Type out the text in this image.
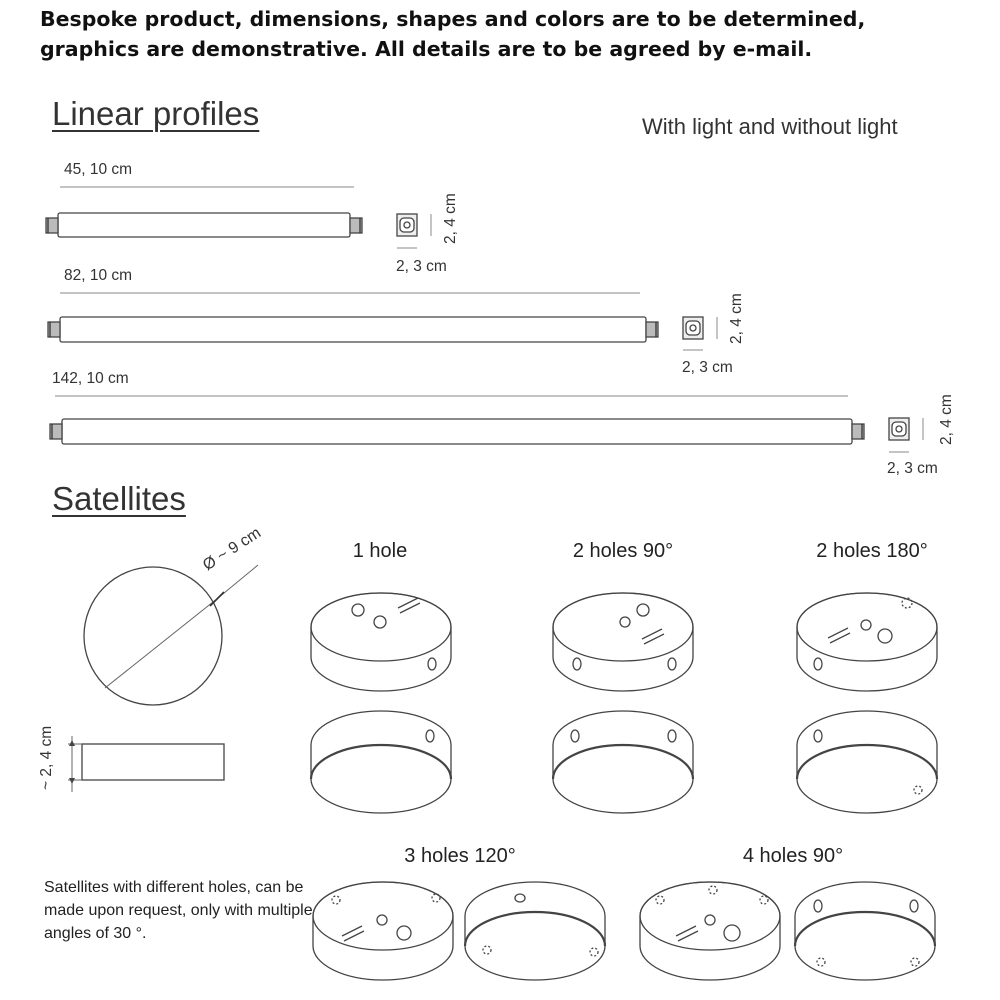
Bespoke product, dimensions, shapes and colors are to be determined, graphics are demonstrative. All details are to be agreed by e-mail.

Linear profiles	With light and without light
45, 10 cm
2, 3 cm
2, 4 cm
82, 10 cm
2, 3 cm
2, 4 cm
142, 10 cm
2, 3 cm
2, 4 cm
Satellites
Ø ~ 9 cm
~ 2, 4 cm
1 hole	2 holes 90°	2 holes 180°
3 holes 120°	4 holes 90°

Satellites with different holes, can be made upon request, only with multiple angles of 30 °.
